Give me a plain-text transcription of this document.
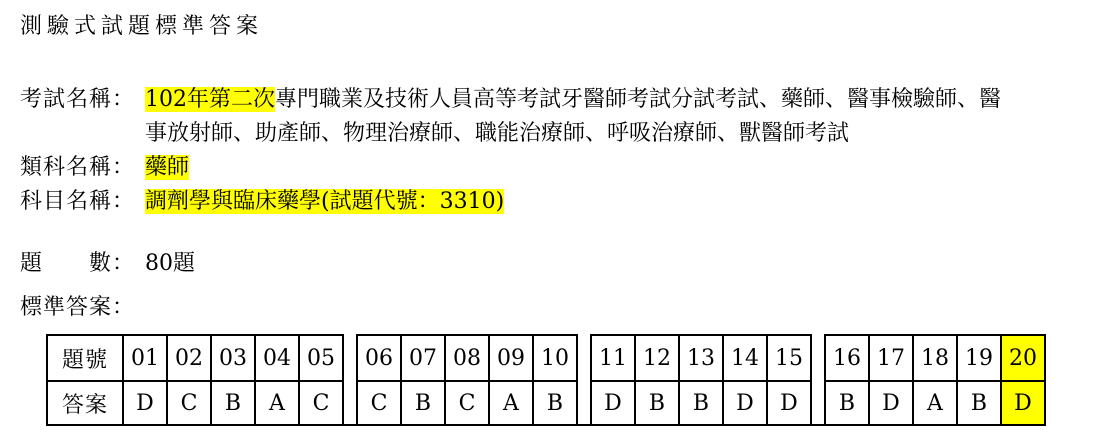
測驗式試題標準答案
考試名稱： 102年第二次專門職業及技術人員高等考試牙醫師考試分試考試、藥師、醫事檢驗師、醫
事放射師、助產師、物理治療師、職能治療師、呼吸治療師、獸醫師考試
類科名稱： 藥師
科目名稱： 調劑學與臨床藥學(試題代號：3310)
題　　數： 80題
標準答案：
題號	01	02	03	04	05		06	07	08	09	10		11	12	13	14	15		16	17	18	19	20
答案	D	C	B	A	C		C	B	C	A	B		D	B	B	D	D		B	D	A	B	D
